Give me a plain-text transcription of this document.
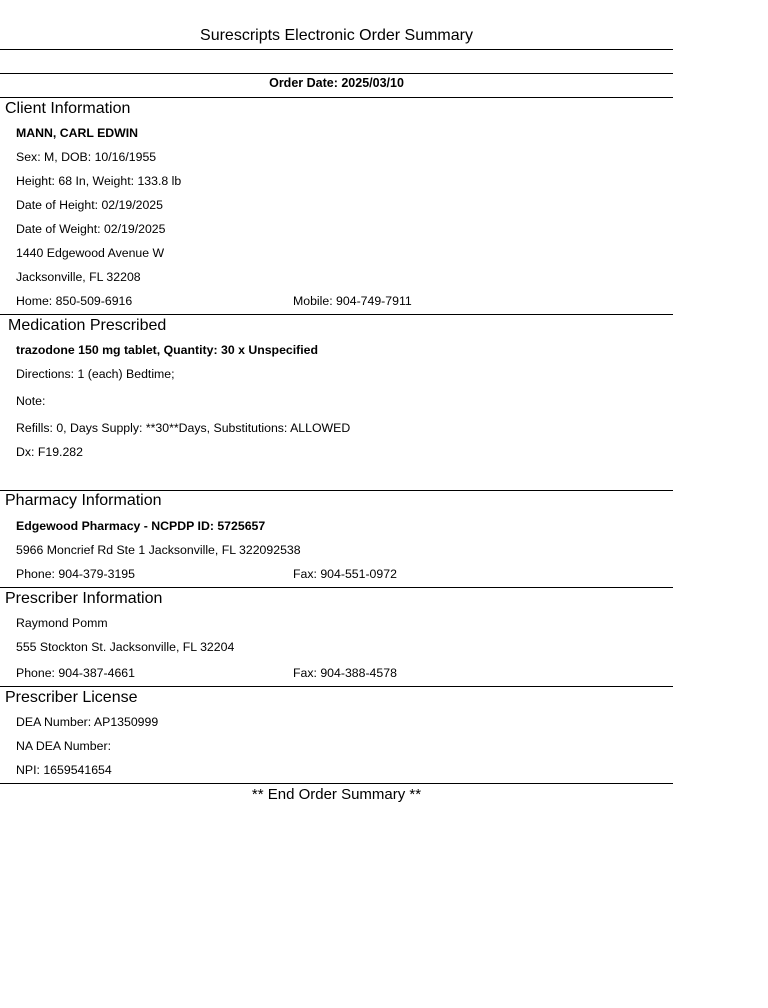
Surescripts Electronic Order Summary
Order Date: 2025/03/10
Client Information
MANN, CARL EDWIN
Sex: M, DOB: 10/16/1955
Height: 68 In, Weight: 133.8 lb
Date of Height: 02/19/2025
Date of Weight: 02/19/2025
1440 Edgewood Avenue W
Jacksonville, FL 32208
Home: 850-509-6916	Mobile: 904-749-7911
Medication Prescribed
trazodone 150 mg tablet, Quantity: 30 x Unspecified
Directions: 1 (each) Bedtime;
Note:
Refills: 0, Days Supply: **30**Days, Substitutions: ALLOWED
Dx: F19.282
Pharmacy Information
Edgewood Pharmacy - NCPDP ID: 5725657
5966 Moncrief Rd Ste 1 Jacksonville, FL 322092538
Phone: 904-379-3195	Fax: 904-551-0972
Prescriber Information
Raymond Pomm
555 Stockton St. Jacksonville, FL 32204
Phone: 904-387-4661	Fax: 904-388-4578
Prescriber License
DEA Number: AP1350999
NA DEA Number:
NPI: 1659541654
** End Order Summary **
